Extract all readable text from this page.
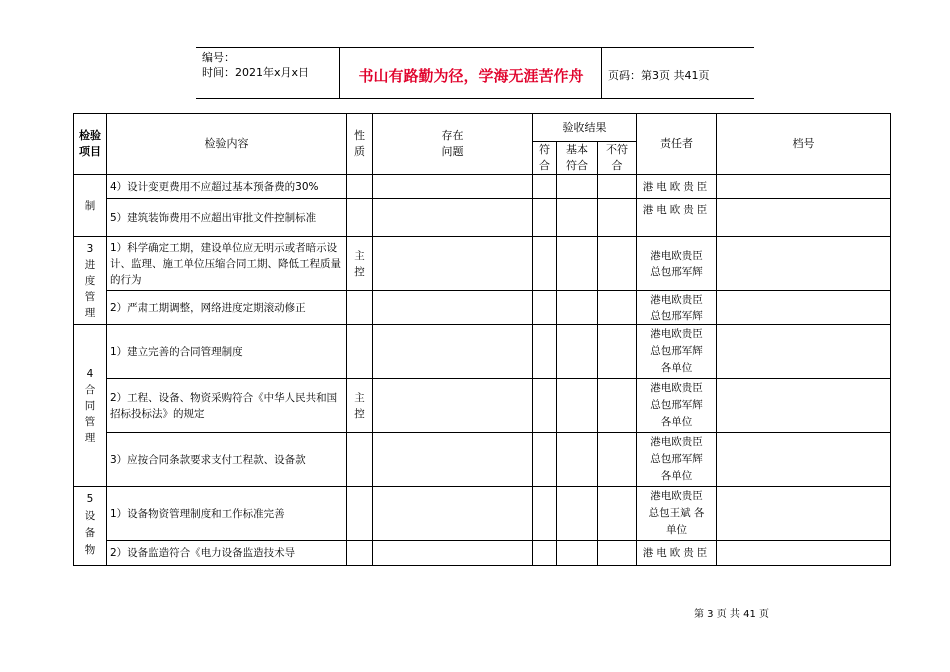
编号：
时间：2021年x月x日	书山有路勤为径，学海无涯苦作舟	页码：第3页 共41页
检验项目	检验内容	性质	存在问题	验收结果			责任者	档号
				符合	基本符合	不符合		
制	4）设计变更费用不应超过基本预备费的30%						港电欧贵臣	
	5）建筑装饰费用不应超出审批文件控制标准						港电欧贵臣	
3进度管理	1）科学确定工期，建设单位应无明示或者暗示设计、监理、施工单位压缩合同工期、降低工程质量的行为	主控					港电欧贵臣 总包邢军辉	
	2）严肃工期调整，网络进度定期滚动修正						港电欧贵臣 总包邢军辉	
4合同管理	1）建立完善的合同管理制度						港电欧贵臣 总包邢军辉 各单位	
	2）工程、设备、物资采购符合《中华人民共和国招标投标法》的规定	主控					港电欧贵臣 总包邢军辉 各单位	
	3）应按合同条款要求支付工程款、设备款						港电欧贵臣 总包邢军辉 各单位	
5设备物	1）设备物资管理制度和工作标准完善						港电欧贵臣 总包王斌 各单位	
	2）设备监造符合《电力设备监造技术导						港电欧贵臣	
第 3 页 共 41 页
